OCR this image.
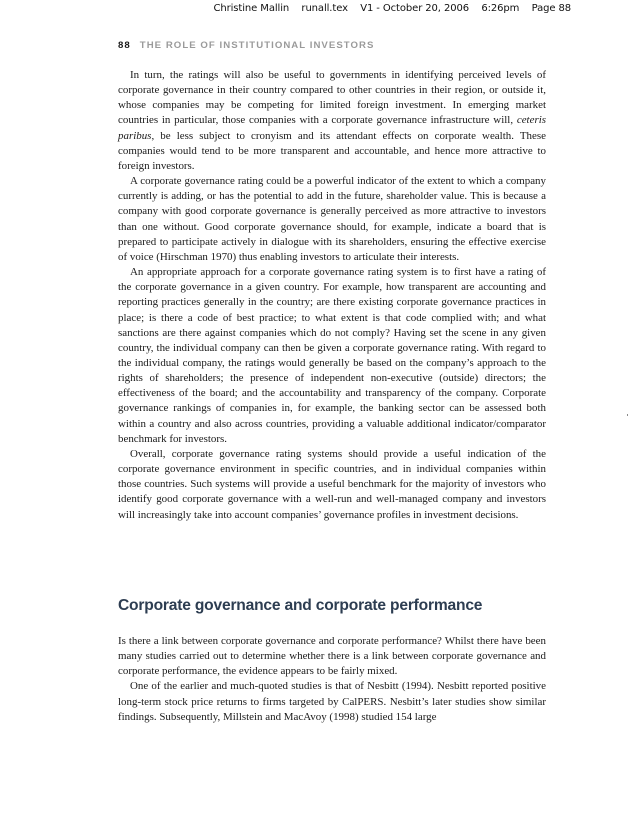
Christine Mallin    runall.tex    V1 - October 20, 2006    6:26pm    Page 88
88 THE ROLE OF INSTITUTIONAL INVESTORS

In turn, the ratings will also be useful to governments in identifying perceived levels of corporate governance in their country compared to other countries in their region, or outside it, whose companies may be competing for limited foreign investment. In emerging market countries in particular, those companies with a corporate governance infrastructure will, ceteris paribus, be less subject to cronyism and its attendant effects on corporate wealth. These companies would tend to be more transparent and accountable, and hence more attractive to foreign investors.

A corporate governance rating could be a powerful indicator of the extent to which a company currently is adding, or has the potential to add in the future, shareholder value. This is because a company with good corporate governance is generally perceived as more attractive to investors than one without. Good corporate governance should, for example, indicate a board that is prepared to participate actively in dialogue with its shareholders, ensuring the effective exercise of voice (Hirschman 1970) thus enabling investors to articulate their interests.

An appropriate approach for a corporate governance rating system is to first have a rating of the corporate governance in a given country. For example, how transparent are accounting and reporting practices generally in the country; are there existing corporate governance practices in place; is there a code of best practice; to what extent is that code complied with; and what sanctions are there against companies which do not comply? Having set the scene in any given country, the individual company can then be given a corporate governance rating. With regard to the individual company, the ratings would generally be based on the company’s approach to the rights of shareholders; the presence of independent non-executive (outside) directors; the effectiveness of the board; and the accountability and transparency of the company. Corporate governance rankings of companies in, for example, the banking sector can be assessed both within a country and also across countries, providing a valuable additional indicator/comparator benchmark for investors.

Overall, corporate governance rating systems should provide a useful indication of the corporate governance environment in specific countries, and in individual companies within those countries. Such systems will provide a useful benchmark for the majority of investors who identify good corporate governance with a well-run and well-managed company and investors will increasingly take into account companies’ governance profiles in investment decisions.

Corporate governance and corporate performance

Is there a link between corporate governance and corporate performance? Whilst there have been many studies carried out to determine whether there is a link between corporate governance and corporate performance, the evidence appears to be fairly mixed.

One of the earlier and much-quoted studies is that of Nesbitt (1994). Nesbitt reported positive long-term stock price returns to firms targeted by CalPERS. Nesbitt’s later studies show similar findings. Subsequently, Millstein and MacAvoy (1998) studied 154 large
